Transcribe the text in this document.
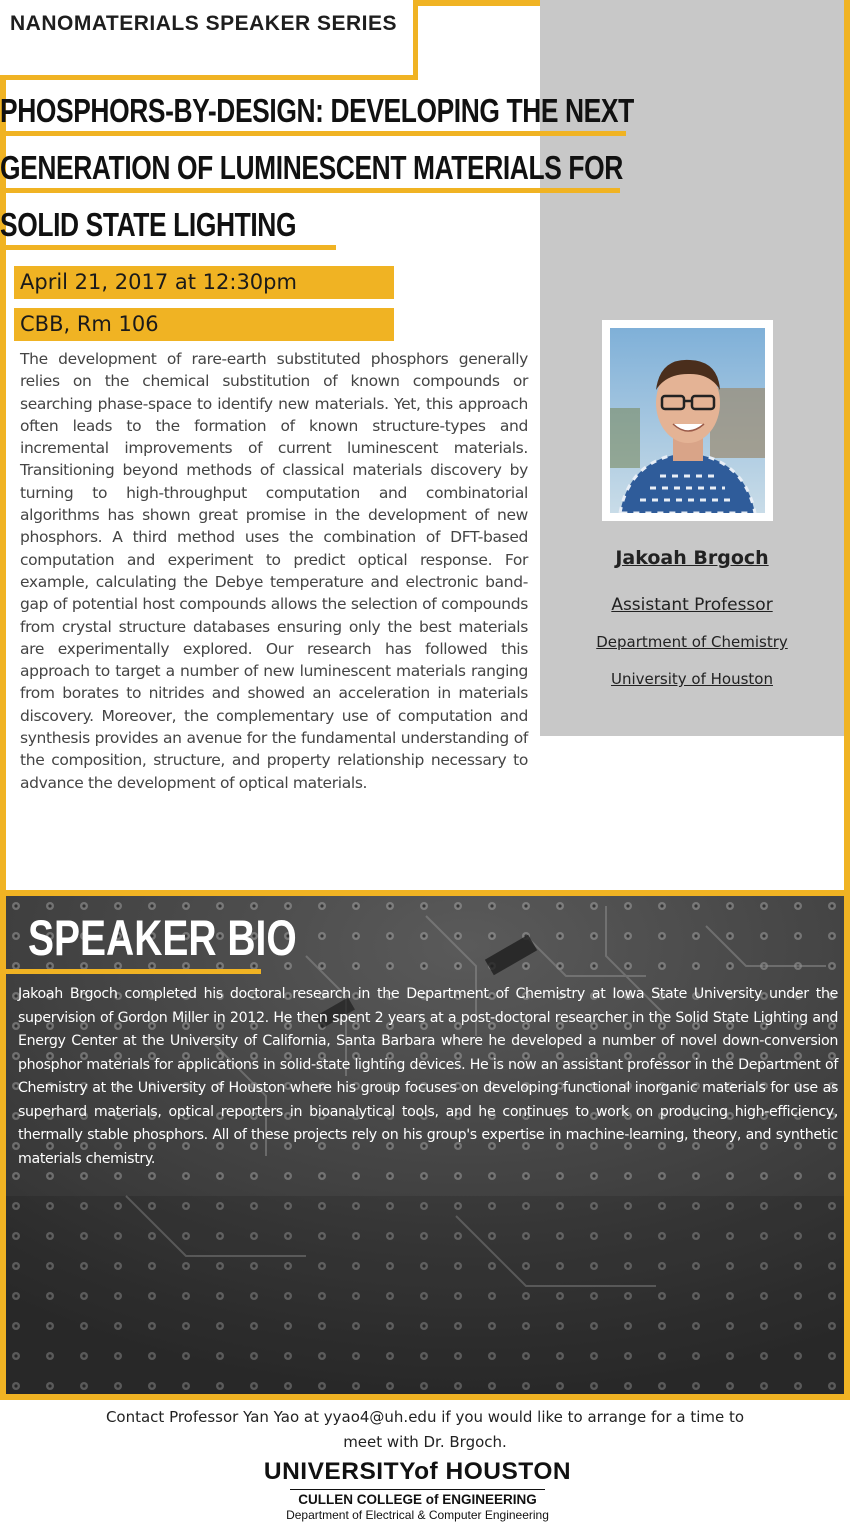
NANOMATERIALS SPEAKER SERIES
PHOSPHORS-BY-DESIGN: DEVELOPING THE NEXT
GENERATION OF LUMINESCENT MATERIALS FOR
SOLID STATE LIGHTING
April 21, 2017 at 12:30pm
CBB, Rm 106
The development of rare-earth substituted phosphors generally relies on the chemical substitution of known compounds or searching phase-space to identify new materials. Yet, this approach often leads to the formation of known structure-types and incremental improvements of current luminescent materials. Transitioning beyond methods of classical materials discovery by turning to high-throughput computation and combinatorial algorithms has shown great promise in the development of new phosphors. A third method uses the combination of DFT-based computation and experiment to predict optical response. For example, calculating the Debye temperature and electronic band-gap of potential host compounds allows the selection of compounds from crystal structure databases ensuring only the best materials are experimentally explored. Our research has followed this approach to target a number of new luminescent materials ranging from borates to nitrides and showed an acceleration in materials discovery. Moreover, the complementary use of computation and synthesis provides an avenue for the fundamental understanding of the composition, structure, and property relationship necessary to advance the development of optical materials.
Jakoah Brgoch
Assistant Professor
Department of Chemistry
University of Houston
SPEAKER BIO
Jakoah Brgoch completed his doctoral research in the Department of Chemistry at Iowa State University under the supervision of Gordon Miller in 2012. He then spent 2 years at a post-doctoral researcher in the Solid State Lighting and Energy Center at the University of California, Santa Barbara where he developed a number of novel down-conversion phosphor materials for applications in solid-state lighting devices. He is now an assistant professor in the Department of Chemistry at the University of Houston where his group focuses on developing functional inorganic materials for use as superhard materials, optical reporters in bioanalytical tools, and he continues to work on producing high-efficiency, thermally stable phosphors. All of these projects rely on his group's expertise in machine-learning, theory, and synthetic materials chemistry.
Contact Professor Yan Yao at yyao4@uh.edu if you would like to arrange for a time to meet with Dr. Brgoch.
UNIVERSITYof HOUSTON
CULLEN COLLEGE of ENGINEERING
Department of Electrical & Computer Engineering
